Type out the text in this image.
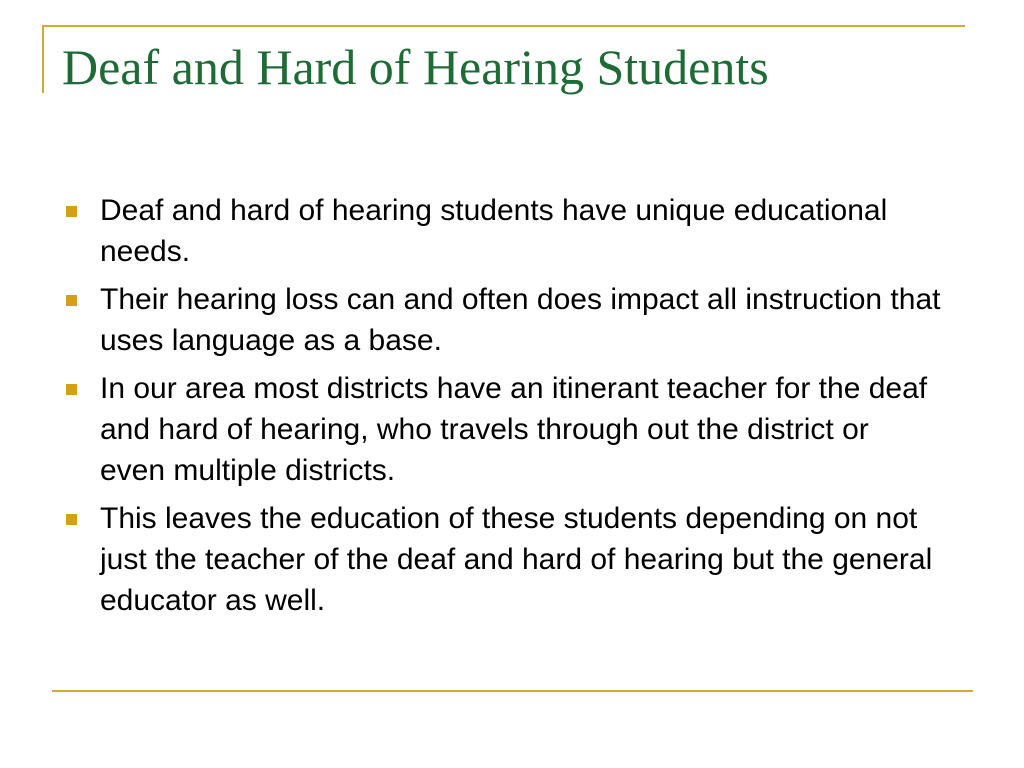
Deaf and Hard of Hearing Students
Deaf and hard of hearing students have unique educational needs.
Their hearing loss can and often does impact all instruction that uses language as a base.
In our area most districts have an itinerant teacher for the deaf and hard of hearing, who travels through out the district or even multiple districts.
This leaves the education of these students depending on not just the teacher of the deaf and hard of hearing but the general educator as well.
